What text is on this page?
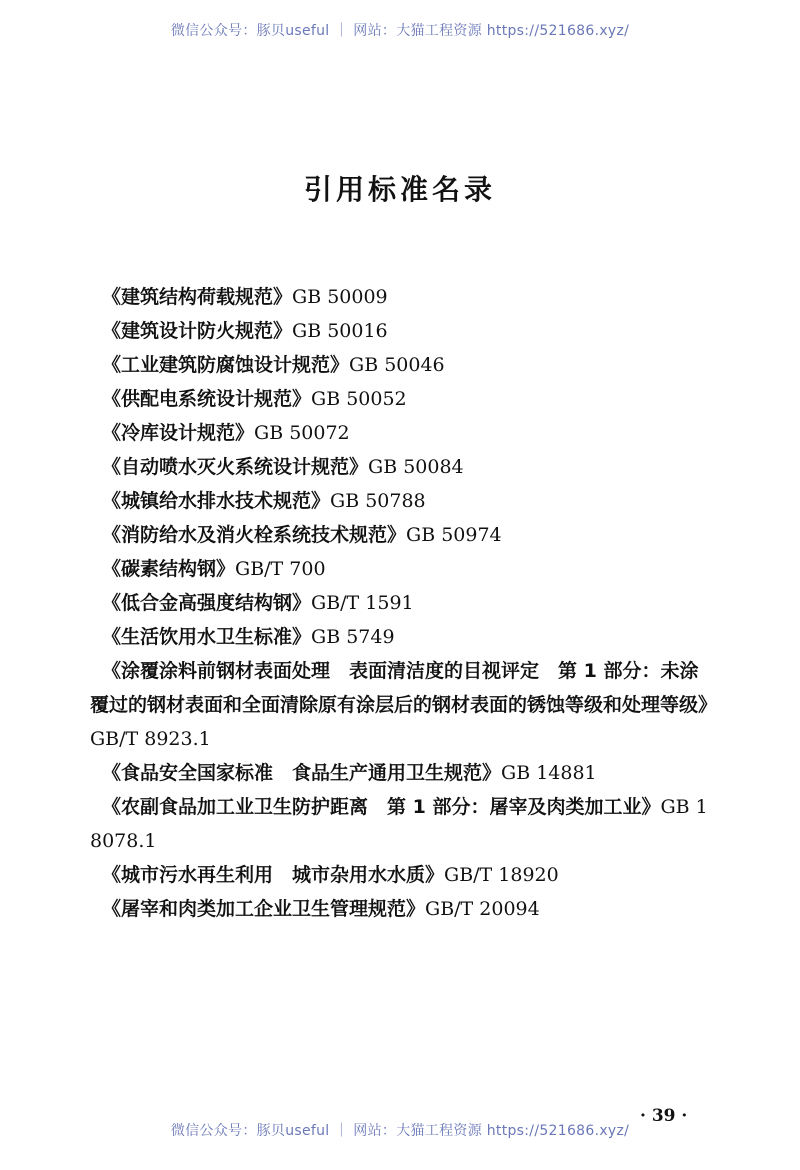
微信公众号：豚贝useful ｜ 网站：大猫工程资源 https://521686.xyz/
引用标准名录
《建筑结构荷载规范》GB 50009
《建筑设计防火规范》GB 50016
《工业建筑防腐蚀设计规范》GB 50046
《供配电系统设计规范》GB 50052
《冷库设计规范》GB 50072
《自动喷水灭火系统设计规范》GB 50084
《城镇给水排水技术规范》GB 50788
《消防给水及消火栓系统技术规范》GB 50974
《碳素结构钢》GB/T 700
《低合金高强度结构钢》GB/T 1591
《生活饮用水卫生标准》GB 5749
《涂覆涂料前钢材表面处理　表面清洁度的目视评定　第 1 部分：未涂覆过的钢材表面和全面清除原有涂层后的钢材表面的锈蚀等级和处理等级》GB/T 8923.1
《食品安全国家标准　食品生产通用卫生规范》GB 14881
《农副食品加工业卫生防护距离　第 1 部分：屠宰及肉类加工业》GB 18078.1
《城市污水再生利用　城市杂用水水质》GB/T 18920
《屠宰和肉类加工企业卫生管理规范》GB/T 20094
· 39 ·
微信公众号：豚贝useful ｜ 网站：大猫工程资源 https://521686.xyz/
